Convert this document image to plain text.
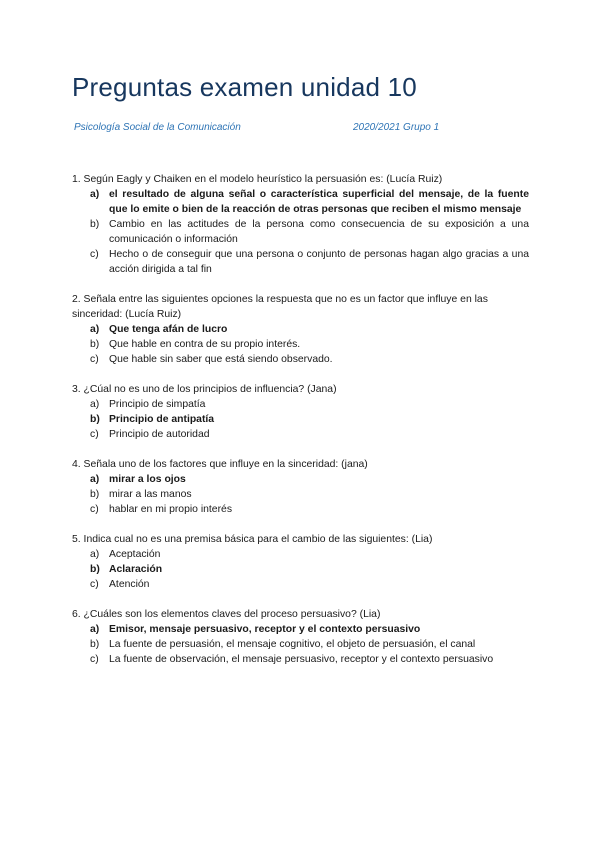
Preguntas examen unidad 10

Psicología Social de la Comunicación	2020/2021 Grupo 1

1. Según Eagly y Chaiken en el modelo heurístico la persuasión es: (Lucía Ruiz)

a) el resultado de alguna señal o característica superficial del mensaje, de la fuente que lo emite o bien de la reacción de otras personas que reciben el mismo mensaje
b) Cambio en las actitudes de la persona como consecuencia de su exposición a una comunicación o información
c) Hecho o de conseguir que una persona o conjunto de personas hagan algo gracias a una acción dirigida a tal fin

2. Señala entre las siguientes opciones la respuesta que no es un factor que influye en las sinceridad: (Lucía Ruiz)

a) Que tenga afán de lucro
b) Que hable en contra de su propio interés.
c) Que hable sin saber que está siendo observado.

3. ¿Cúal no es uno de los principios de influencia? (Jana)

a) Principio de simpatía
b) Principio de antipatía
c) Principio de autoridad

4. Señala uno de los factores que influye en la sinceridad: (jana)

a) mirar a los ojos
b) mirar a las manos
c) hablar en mi propio interés

5. Indica cual no es una premisa básica para el cambio de las siguientes: (Lia)

a) Aceptación
b) Aclaración
c) Atención

6. ¿Cuáles son los elementos claves del proceso persuasivo? (Lia)

a) Emisor, mensaje persuasivo, receptor y el contexto persuasivo
b) La fuente de persuasión, el mensaje cognitivo, el objeto de persuasión, el canal
c) La fuente de observación, el mensaje persuasivo, receptor y el contexto persuasivo
